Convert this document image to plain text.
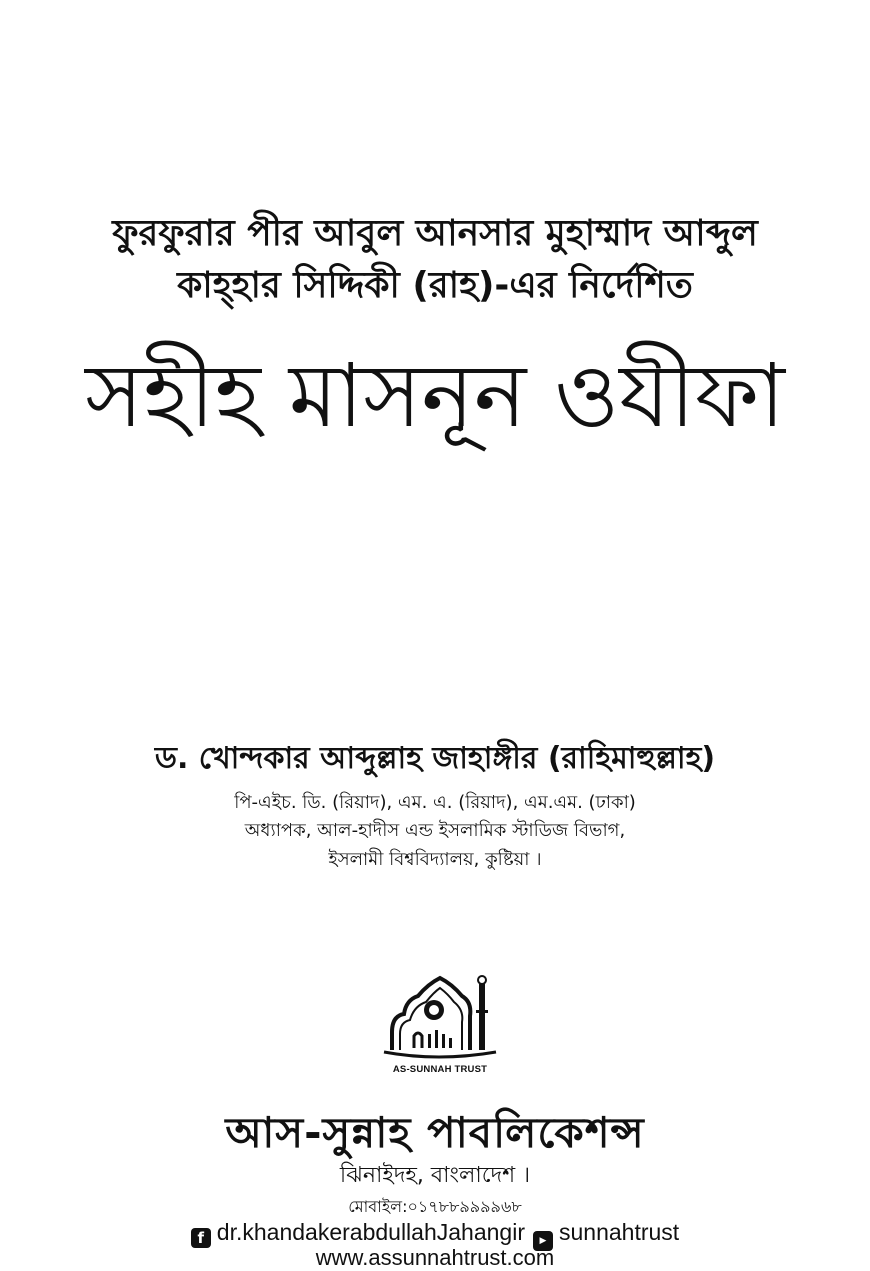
ফুরফুরার পীর আবুল আনসার মুহাম্মাদ আব্দুল
কাহ্হার সিদ্দিকী (রাহ)-এর নির্দেশিত
সহীহ মাসনূন ওযীফা
ড. খোন্দকার আব্দুল্লাহ জাহাঙ্গীর (রাহিমাহুল্লাহ)
পি-এইচ. ডি. (রিয়াদ), এম. এ. (রিয়াদ), এম.এম. (ঢাকা)
অধ্যাপক, আল-হাদীস এন্ড ইসলামিক স্টাডিজ বিভাগ,
ইসলামী বিশ্ববিদ্যালয়, কুষ্টিয়া ।
AS-SUNNAH TRUST
আস-সুন্নাহ পাবলিকেশন্স
ঝিনাইদহ, বাংলাদেশ ।
মোবাইল:০১৭৮৮৯৯৯৯৬৮
f dr.khandakerabdullahJahangir ▶ sunnahtrust
www.assunnahtrust.com
